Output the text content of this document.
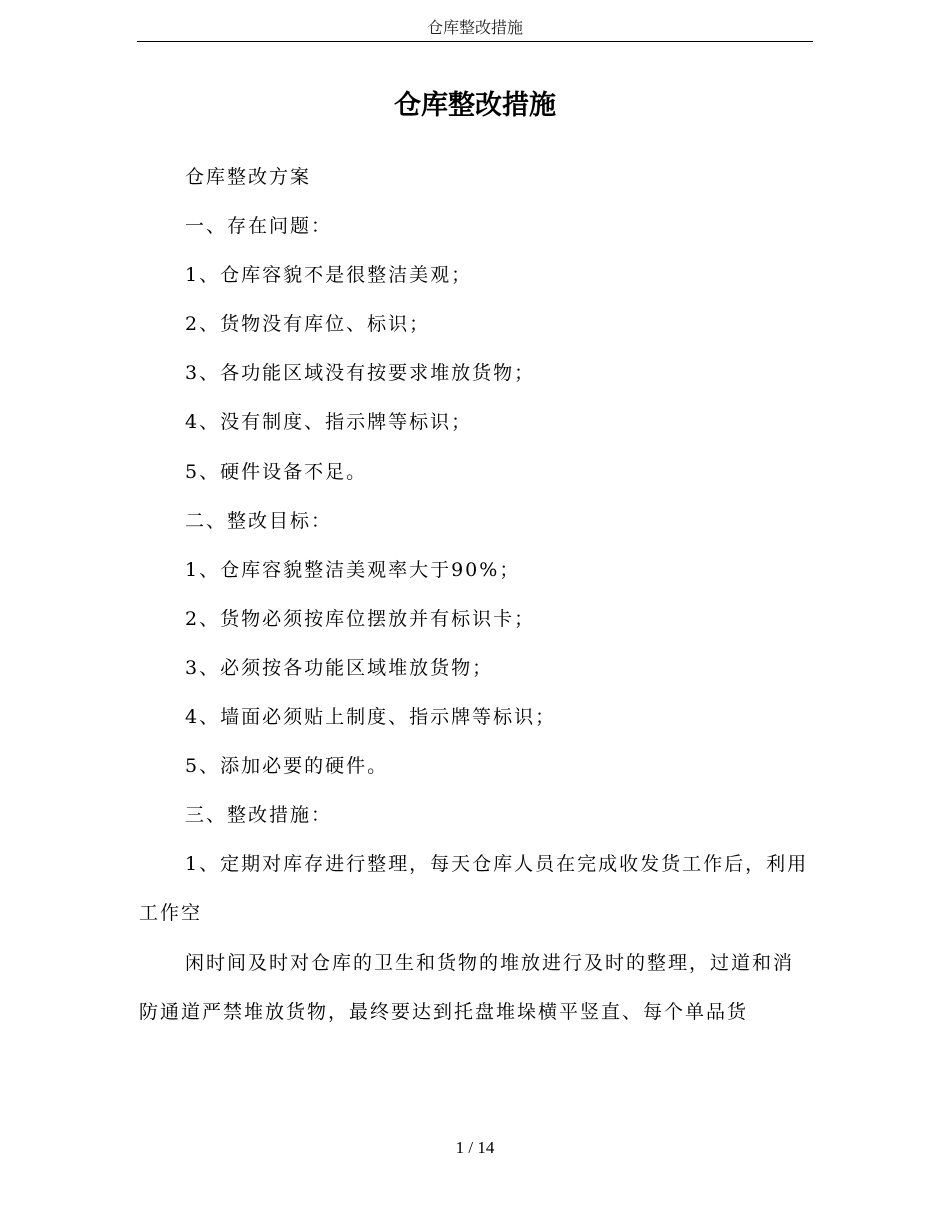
仓库整改措施
仓库整改措施

仓库整改方案

一、存在问题：

1、仓库容貌不是很整洁美观；

2、货物没有库位、标识；

3、各功能区域没有按要求堆放货物；

4、没有制度、指示牌等标识；

5、硬件设备不足。

二、整改目标：

1、仓库容貌整洁美观率大于90%；

2、货物必须按库位摆放并有标识卡；

3、必须按各功能区域堆放货物；

4、墙面必须贴上制度、指示牌等标识；

5、添加必要的硬件。

三、整改措施：

1、定期对库存进行整理，每天仓库人员在完成收发货工作后，利用工作空

闲时间及时对仓库的卫生和货物的堆放进行及时的整理，过道和消防通道严禁堆放货物，最终要达到托盘堆垛横平竖直、每个单品货

1 / 14
